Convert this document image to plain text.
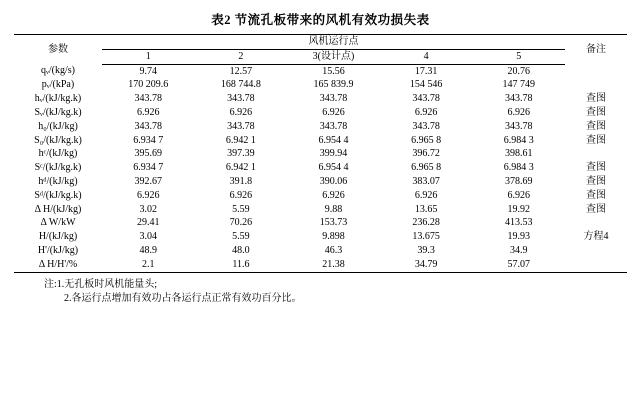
表2 节流孔板带来的风机有效功损失表
参数	风机运行点					备注
	1	2	3(设计点)	4	5	
qᵥ/(kg/s)	9.74	12.57	15.56	17.31	20.76	
pᵥ/(kPa)	170 209.6	168 744.8	165 839.9	154 546	147 749	
hᵥ/(kJ/kg.k)	343.78	343.78	343.78	343.78	343.78	查图
Sᵥ/(kJ/kg.k)	6.926	6.926	6.926	6.926	6.926	查图
h₀/(kJ/kg)	343.78	343.78	343.78	343.78	343.78	查图
S₀/(kJ/kg.k)	6.934 7	6.942 1	6.954 4	6.965 8	6.984 3	查图
hᶜ/(kJ/kg)	395.69	397.39	399.94	396.72	398.61	
Sᶜ/(kJ/kg.k)	6.934 7	6.942 1	6.954 4	6.965 8	6.984 3	查图
hᵈ/(kJ/kg)	392.67	391.8	390.06	383.07	378.69	查图
Sᵈ/(kJ/kg.k)	6.926	6.926	6.926	6.926	6.926	查图
Δ H/(kJ/kg)	3.02	5.59	9.88	13.65	19.92	查图
Δ W/kW	29.41	70.26	153.73	236.28	413.53	
H/(kJ/kg)	3.04	5.59	9.898	13.675	19.93	方程4
H'/(kJ/kg)	48.9	48.0	46.3	39.3	34.9	
Δ H/H'/%	2.1	11.6	21.38	34.79	57.07	
注:1.无孔板时风机能量头;
2.各运行点增加有效功占各运行点正常有效功百分比。
